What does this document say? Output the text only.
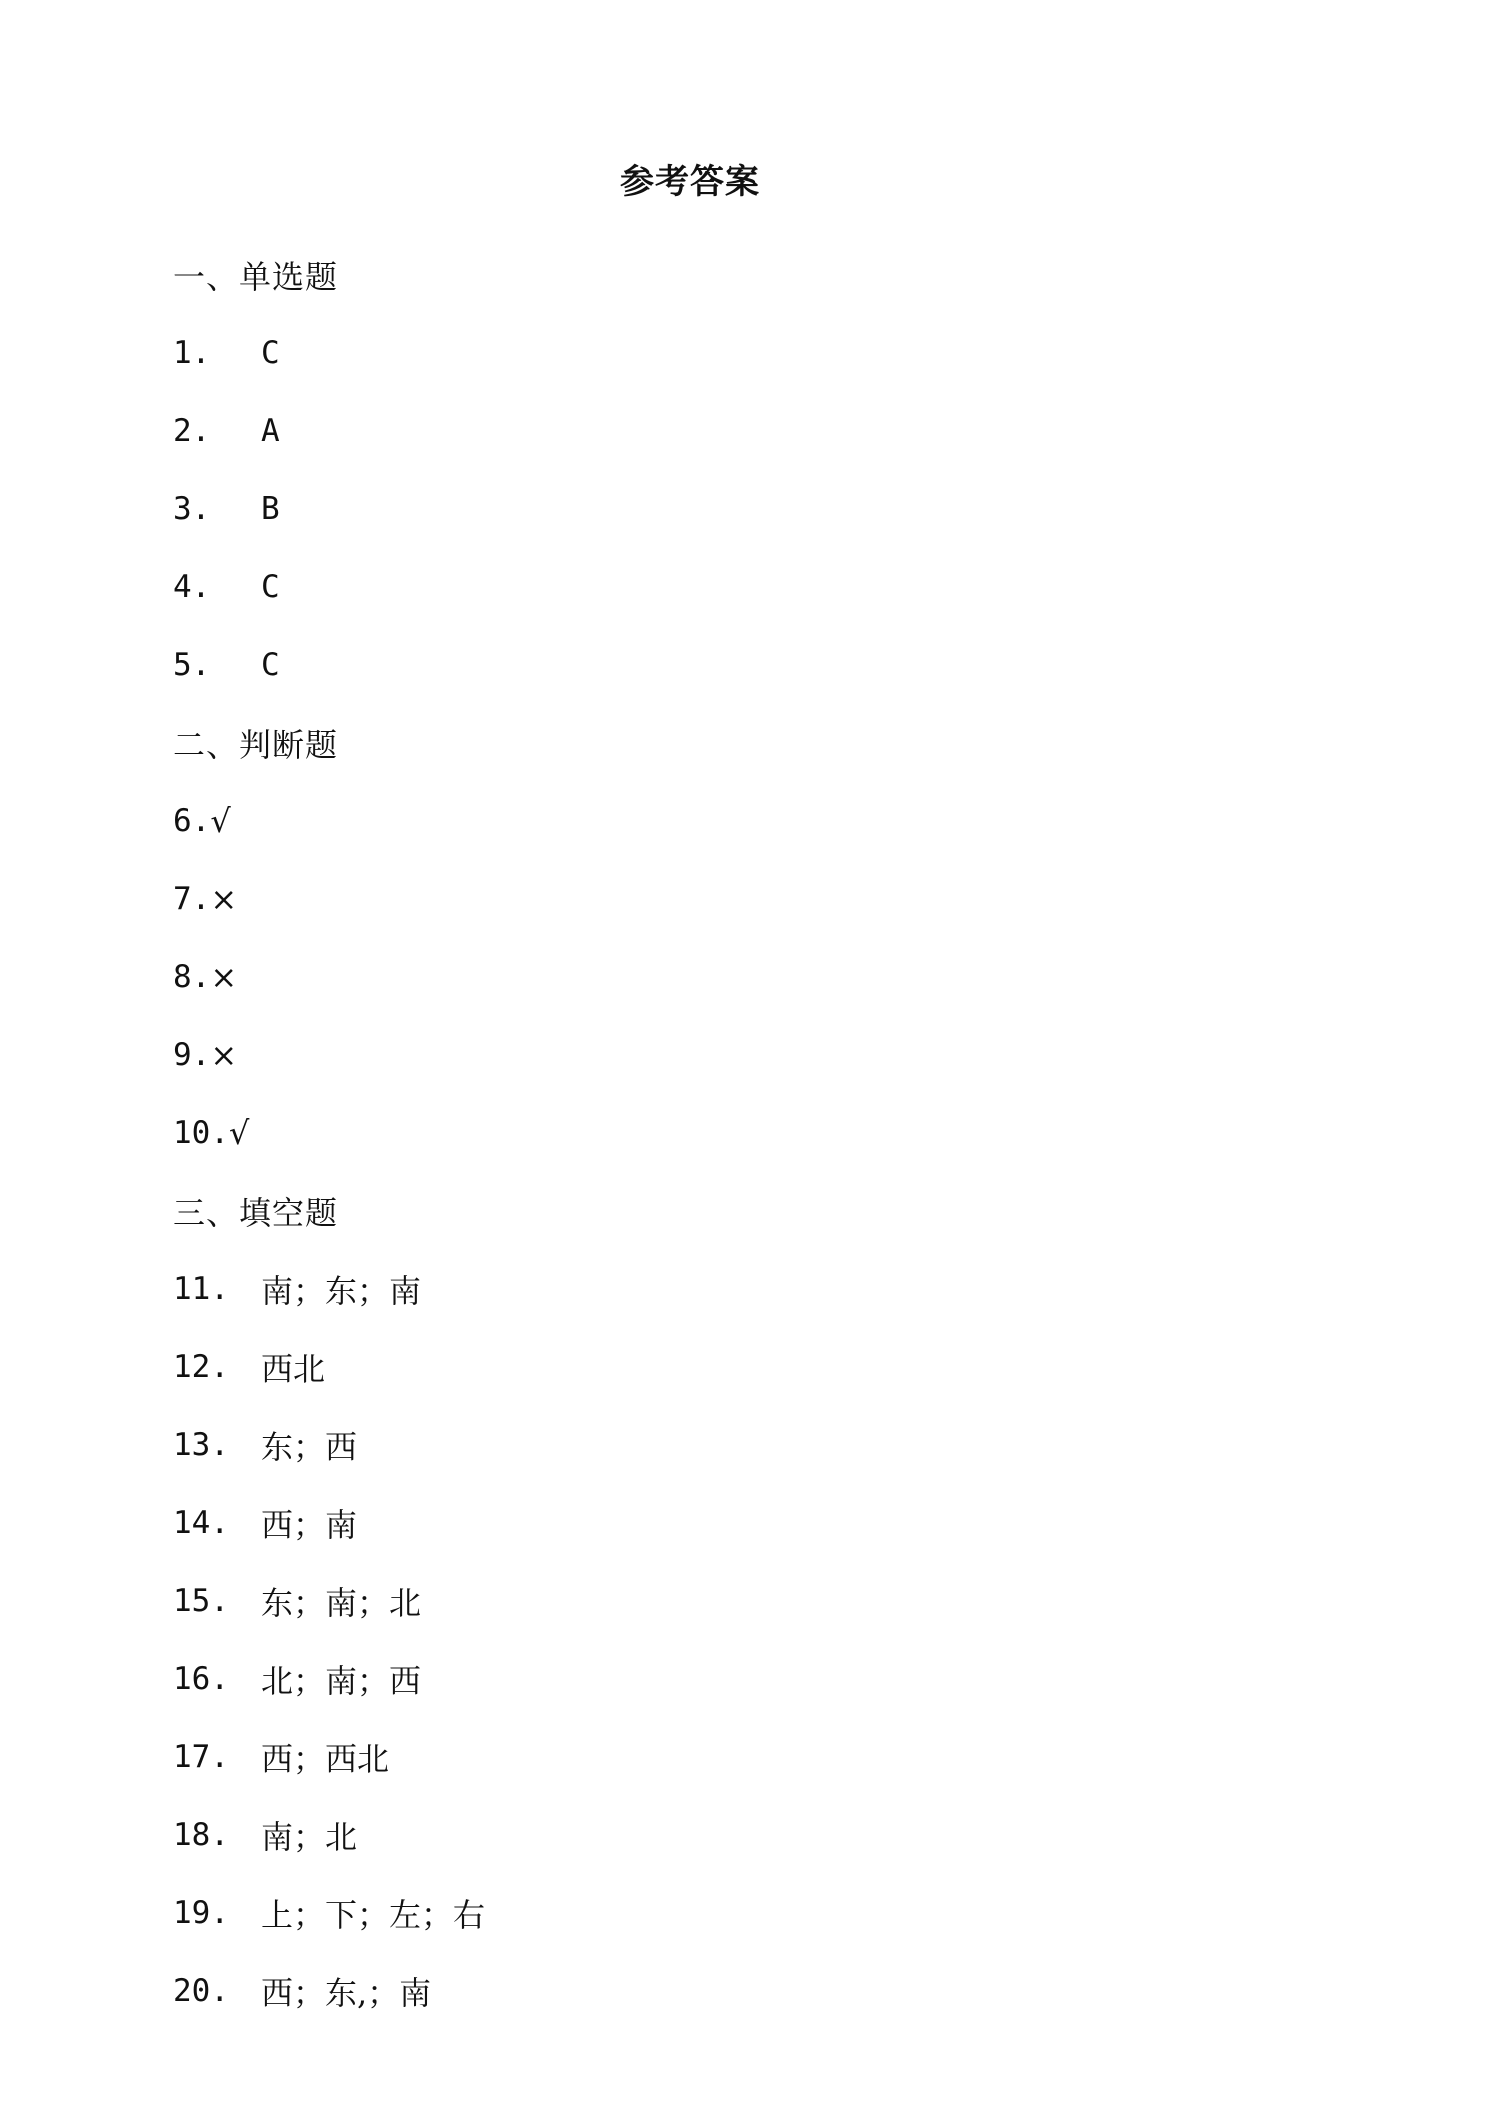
参考答案
一、单选题
1.	C
2.	A
3.	B
4.	C
5.	C
二、判断题
6. √
7. ×
8. ×
9. ×
10. √
三、填空题
11.	南；东；南
12.	西北
13.	东；西
14.	西；南
15.	东；南；北
16.	北；南；西
17.	西；西北
18.	南；北
19.	上；下；左；右
20.	西；东,；南
